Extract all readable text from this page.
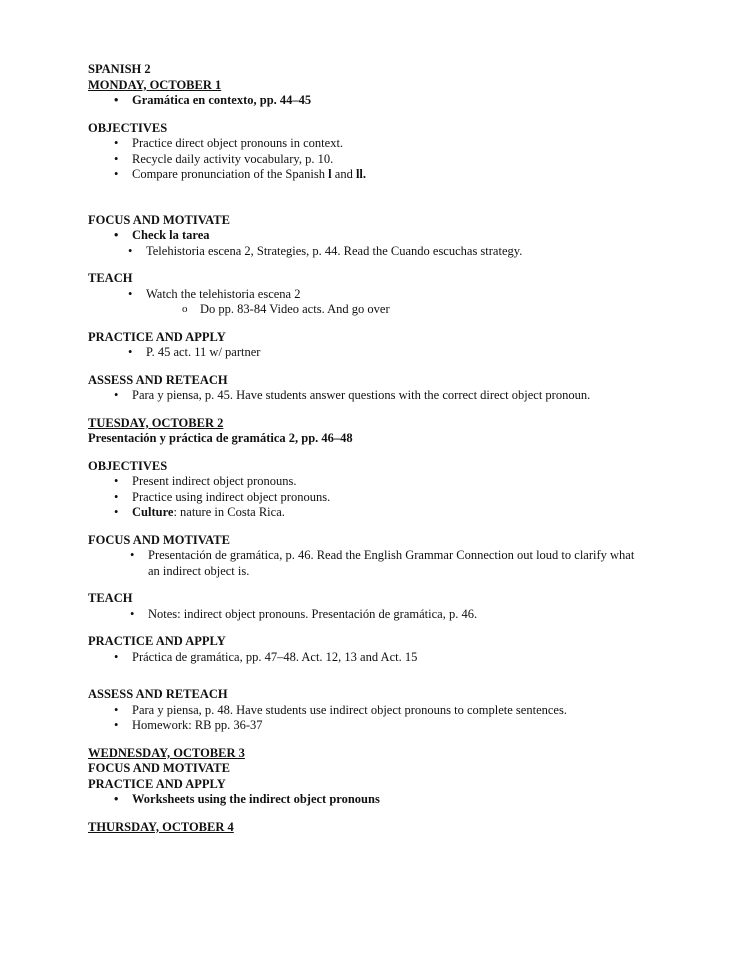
SPANISH 2
MONDAY, OCTOBER 1
• Gramática en contexto, pp. 44–45
OBJECTIVES
• Practice direct object pronouns in context.
• Recycle daily activity vocabulary, p. 10.
• Compare pronunciation of the Spanish l and ll.
FOCUS AND MOTIVATE
• Check la tarea
• Telehistoria escena 2, Strategies, p. 44. Read the Cuando escuchas strategy.
TEACH
• Watch the telehistoria escena 2
o Do pp. 83-84 Video acts. And go over
PRACTICE AND APPLY
• P. 45 act. 11 w/ partner
ASSESS AND RETEACH
• Para y piensa, p. 45. Have students answer questions with the correct direct object pronoun.
TUESDAY, OCTOBER 2
Presentación y práctica de gramática 2, pp. 46–48
OBJECTIVES
• Present indirect object pronouns.
• Practice using indirect object pronouns.
• Culture: nature in Costa Rica.
FOCUS AND MOTIVATE
• Presentación de gramática, p. 46. Read the English Grammar Connection out loud to clarify what an indirect object is.
TEACH
• Notes: indirect object pronouns. Presentación de gramática, p. 46.
PRACTICE AND APPLY
• Práctica de gramática, pp. 47–48. Act. 12, 13 and Act. 15
ASSESS AND RETEACH
• Para y piensa, p. 48. Have students use indirect object pronouns to complete sentences.
• Homework: RB pp. 36-37
WEDNESDAY, OCTOBER 3
FOCUS AND MOTIVATE
PRACTICE AND APPLY
• Worksheets using the indirect object pronouns
THURSDAY, OCTOBER 4
